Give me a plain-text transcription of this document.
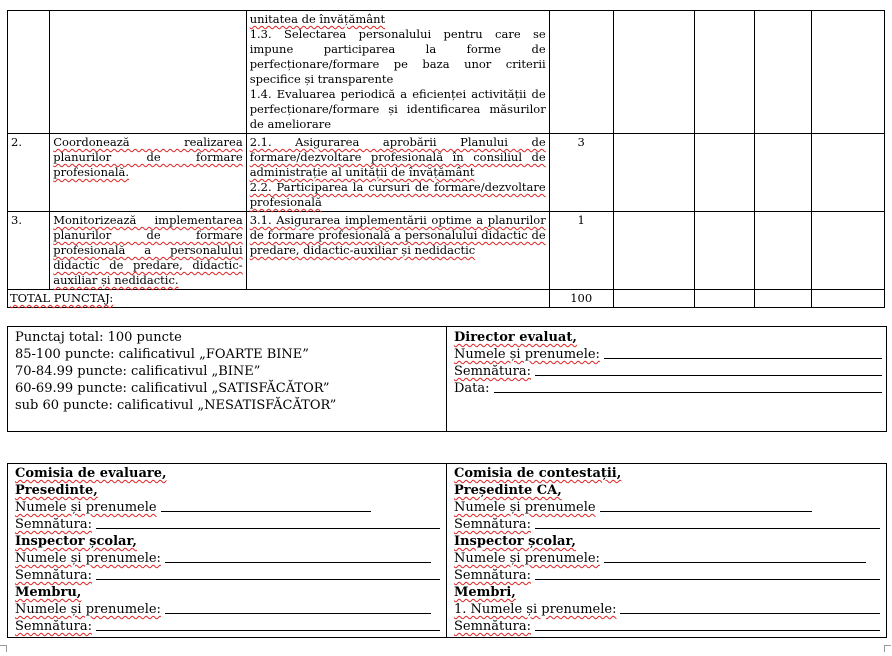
		unitatea de învățământ
1.3. Selectarea personalului pentru care se impune participarea la forme de perfecționare/formare pe baza unor criterii specifice și transparente
1.4. Evaluarea periodică a eficienței activității de perfecționare/formare și identificarea măsurilor de ameliorare					

2.	Coordonează realizarea planurilor de formare profesională.	2.1. Asigurarea aprobării Planului de formare/dezvoltare profesională în consiliul de administrație al unității de învățământ
2.2. Participarea la cursuri de formare/dezvoltare profesională	3				
3.	Monitorizează implementarea planurilor de formare profesională a personalului didactic de predare, didactic-auxiliar și nedidactic.	3.1. Asigurarea implementării optime a planurilor de formare profesională a personalului didactic de predare, didactic-auxiliar și nedidactic	1				
TOTAL PUNCTAJ:			100				
Punctaj total: 100 puncte
85-100 puncte: calificativul „FOARTE BINE”
70-84.99 puncte: calificativul „BINE”
60-69.99 puncte: calificativul „SATISFĂCĂTOR”
sub 60 puncte: calificativul „NESATISFĂCĂTOR”
Director evaluat,
Numele și prenumele:
Semnătura:
Data:
Comisia de evaluare,
Presedinte,
Numele și prenumele
Semnătura:
Inspector școlar,
Numele și prenumele:
Semnătura:
Membru,
Numele și prenumele:
Semnătura:
Comisia de contestații,
Președinte CA,
Numele și prenumele
Semnătura:
Inspector școlar,
Numele și prenumele:
Semnătura:
Membri,
1. Numele și prenumele:
Semnătura:
